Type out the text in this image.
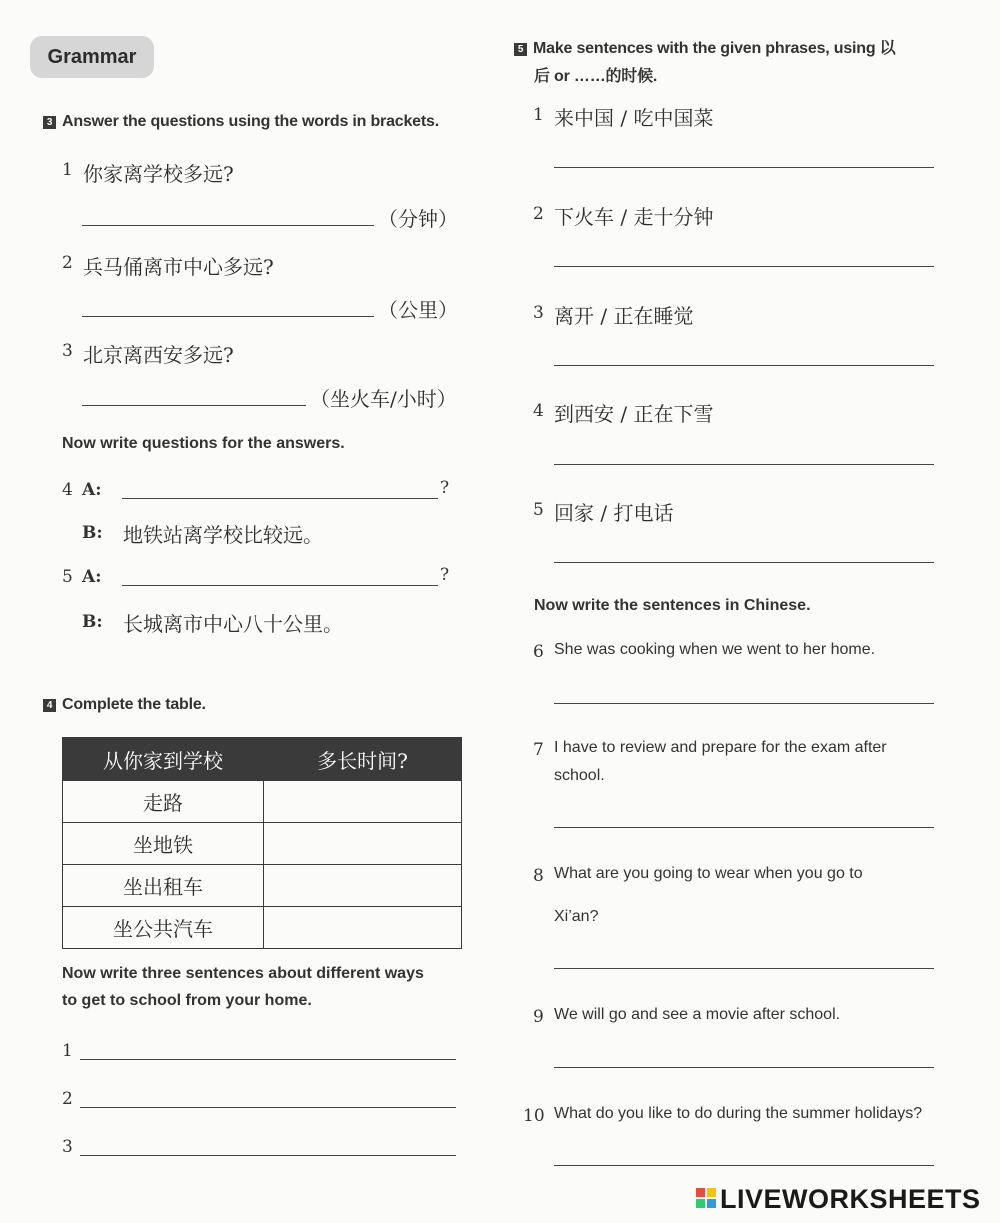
Grammar
3 Answer the questions using the words in brackets.
1 你家离学校多远?
（分钟）
2 兵马俑离市中心多远?
（公里）
3 北京离西安多远?
（坐火车/小时）
Now write questions for the answers.
4 A:	?
B: 地铁站离学校比较远。
5 A:	?
B: 长城离市中心八十公里。
4 Complete the table.
从你家到学校	多长时间?
走路	
坐地铁	
坐出租车	
坐公共汽车	
Now write three sentences about different ways
to get to school from your home.
1
2
3
5 Make sentences with the given phrases, using 以
后 or ……的时候.
1 来中国 / 吃中国菜
2 下火车 / 走十分钟
3 离开 / 正在睡觉
4 到西安 / 正在下雪
5 回家 / 打电话
Now write the sentences in Chinese.
6 She was cooking when we went to her home.
7 I have to review and prepare for the exam after
school.
8 What are you going to wear when you go to
Xi’an?
9 We will go and see a movie after school.
10 What do you like to do during the summer holidays?
LIVEWORKSHEETS
